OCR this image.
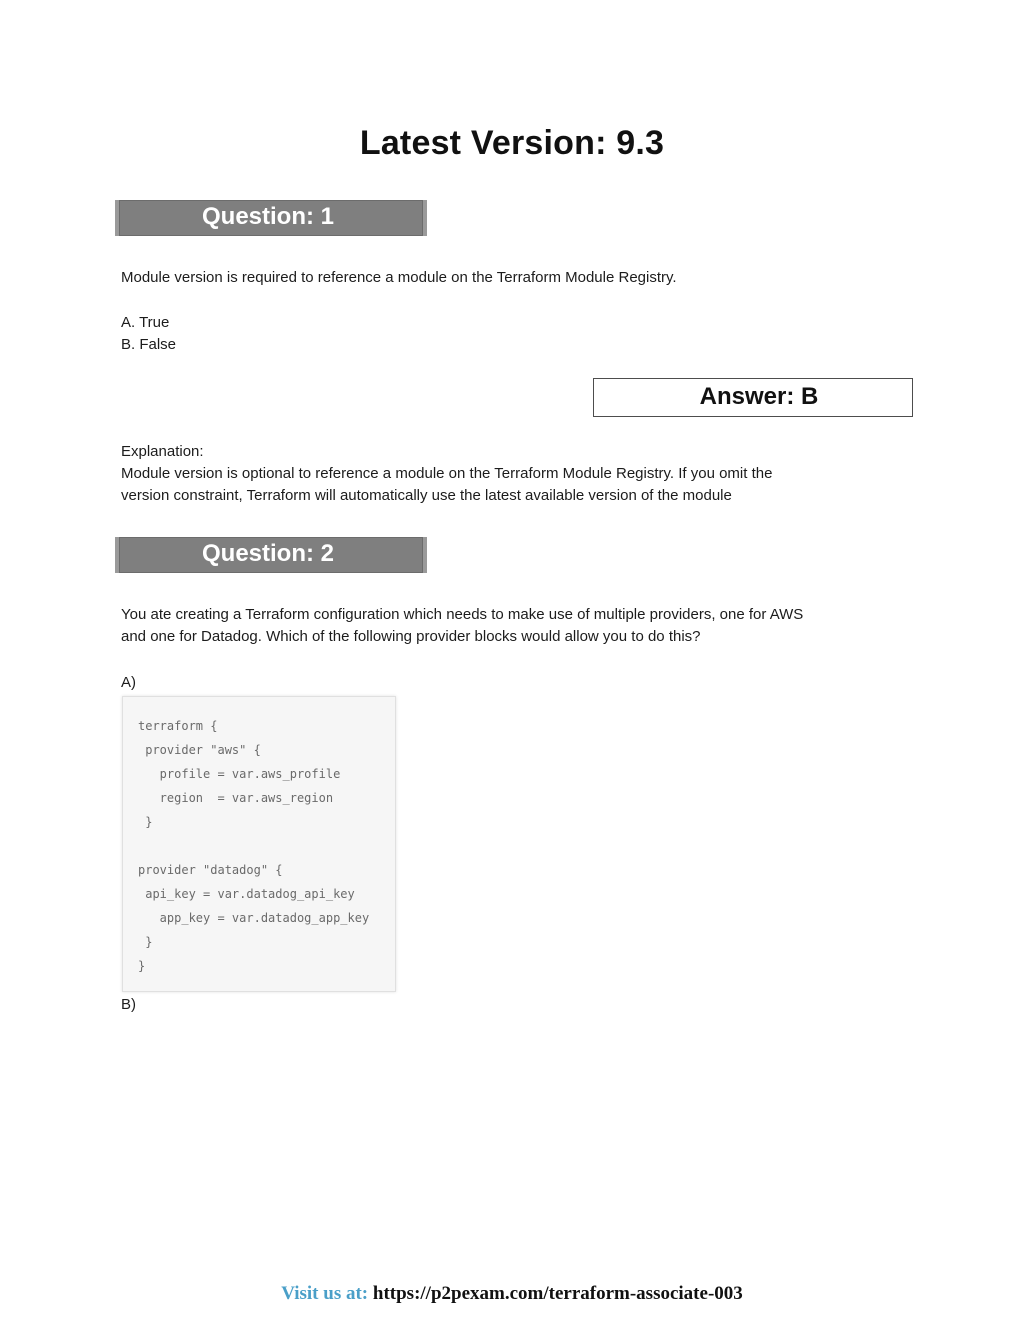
Latest Version: 9.3
Question: 1
Module version is required to reference a module on the Terraform Module Registry.
A. True
B. False
Answer: B
Explanation:
Module version is optional to reference a module on the Terraform Module Registry. If you omit the
version constraint, Terraform will automatically use the latest available version of the module
Question: 2
You ate creating a Terraform configuration which needs to make use of multiple providers, one for AWS
and one for Datadog. Which of the following provider blocks would allow you to do this?
A)
terraform {
provider "aws" {
profile = var.aws_profile
region  = var.aws_region
}
provider "datadog" {
api_key = var.datadog_api_key
app_key = var.datadog_app_key
}
}
B)
Visit us at: https://p2pexam.com/terraform-associate-003
